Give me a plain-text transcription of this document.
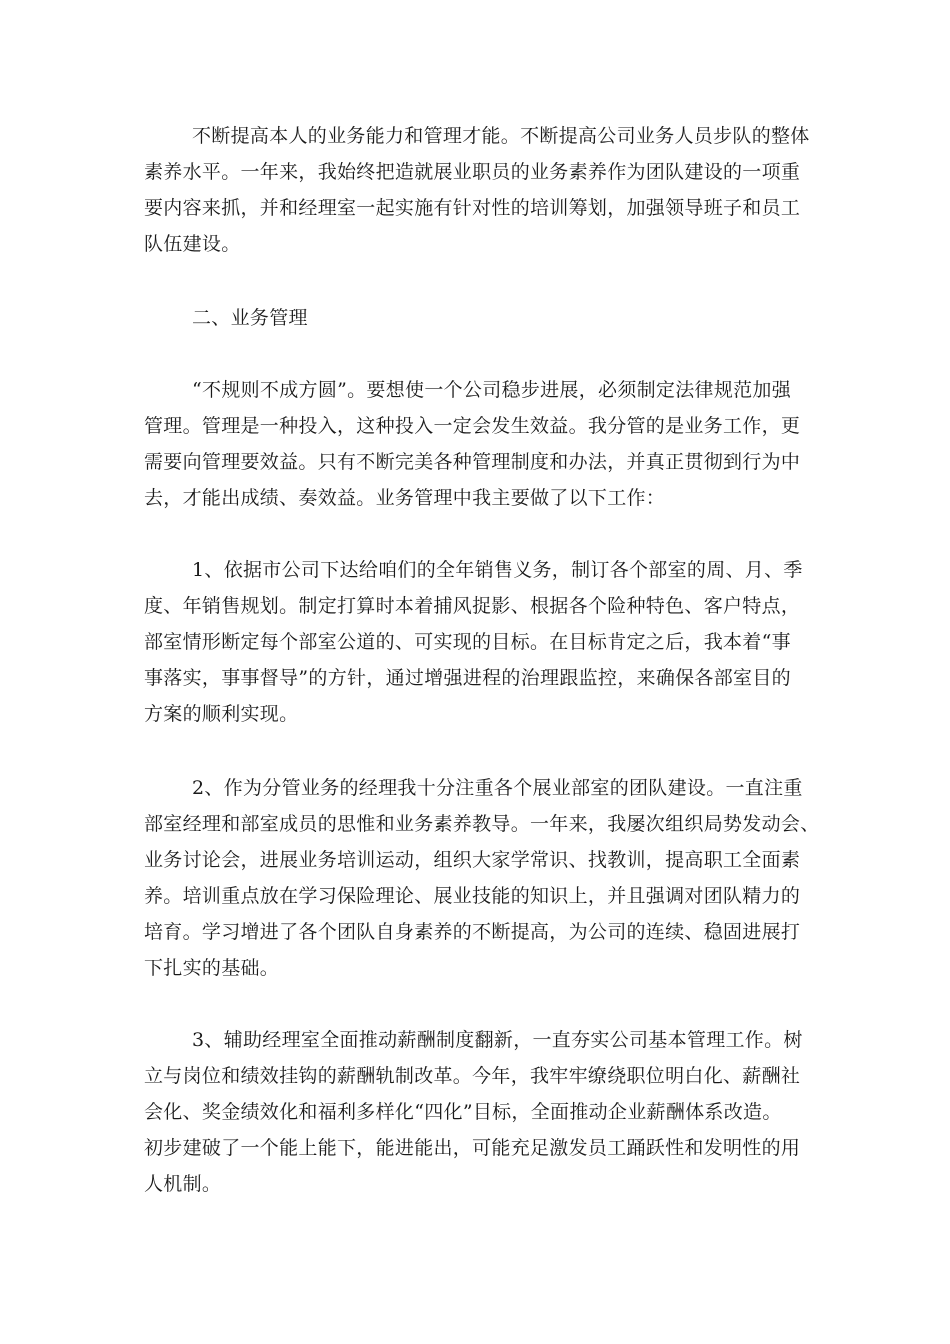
不断提高本人的业务能力和管理才能。不断提高公司业务人员步队的整体
素养水平。一年来，我始终把造就展业职员的业务素养作为团队建设的一项重
要内容来抓，并和经理室一起实施有针对性的培训筹划，加强领导班子和员工
队伍建设。
二、业务管理
“不规则不成方圆”。要想使一个公司稳步进展，必须制定法律规范加强
管理。管理是一种投入，这种投入一定会发生效益。我分管的是业务工作，更
需要向管理要效益。只有不断完美各种管理制度和办法，并真正贯彻到行为中
去，才能出成绩、奏效益。业务管理中我主要做了以下工作：
1、依据市公司下达给咱们的全年销售义务，制订各个部室的周、月、季
度、年销售规划。制定打算时本着捕风捉影、根据各个险种特色、客户特点，
部室情形断定每个部室公道的、可实现的目标。在目标肯定之后，我本着“事
事落实，事事督导”的方针，通过增强进程的治理跟监控，来确保各部室目的
方案的顺利实现。
2、作为分管业务的经理我十分注重各个展业部室的团队建设。一直注重
部室经理和部室成员的思惟和业务素养教导。一年来，我屡次组织局势发动会、
业务讨论会，进展业务培训运动，组织大家学常识、找教训，提高职工全面素
养。培训重点放在学习保险理论、展业技能的知识上，并且强调对团队精力的
培育。学习增进了各个团队自身素养的不断提高，为公司的连续、稳固进展打
下扎实的基础。
3、辅助经理室全面推动薪酬制度翻新，一直夯实公司基本管理工作。树
立与岗位和绩效挂钩的薪酬轨制改革。今年，我牢牢缭绕职位明白化、薪酬社
会化、奖金绩效化和福利多样化“四化”目标，全面推动企业薪酬体系改造。
初步建破了一个能上能下，能进能出，可能充足激发员工踊跃性和发明性的用
人机制。
